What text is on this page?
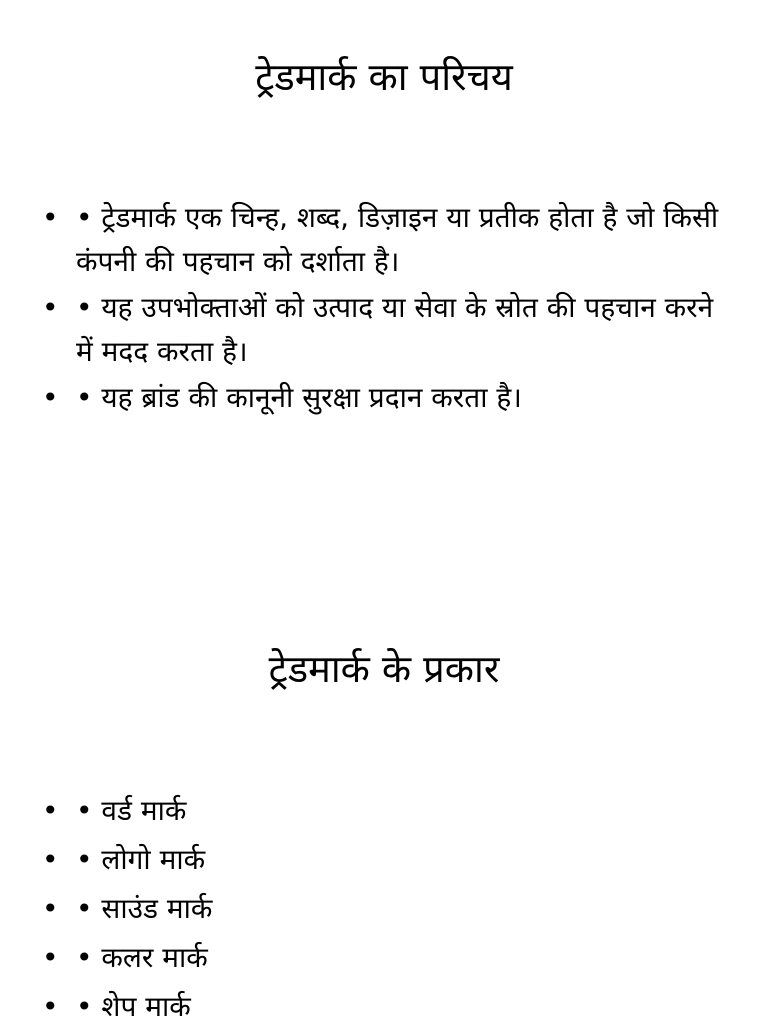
ट्रेडमार्क का परिचय
• • ट्रेडमार्क एक चिन्ह, शब्द, डिज़ाइन या प्रतीक होता है जो किसी कंपनी की पहचान को दर्शाता है।
• • यह उपभोक्ताओं को उत्पाद या सेवा के स्रोत की पहचान करने में मदद करता है।
• • यह ब्रांड की कानूनी सुरक्षा प्रदान करता है।
ट्रेडमार्क के प्रकार
• • वर्ड मार्क
• • लोगो मार्क
• • साउंड मार्क
• • कलर मार्क
• • शेप मार्क
